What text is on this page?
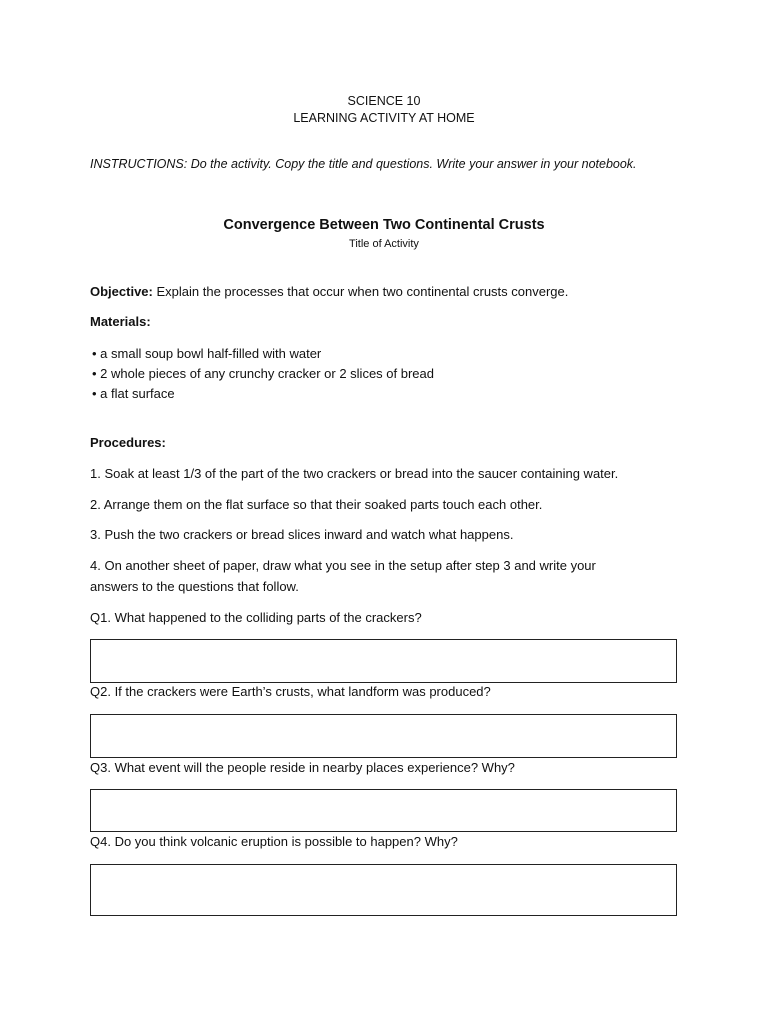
SCIENCE 10
LEARNING ACTIVITY AT HOME
INSTRUCTIONS: Do the activity. Copy the title and questions. Write your answer in your notebook.
Convergence Between Two Continental Crusts
Title of Activity
Objective: Explain the processes that occur when two continental crusts converge.
Materials:
• a small soup bowl half-filled with water
• 2 whole pieces of any crunchy cracker or 2 slices of bread
• a flat surface
Procedures:
1. Soak at least 1/3 of the part of the two crackers or bread into the saucer containing water.
2. Arrange them on the flat surface so that their soaked parts touch each other.
3. Push the two crackers or bread slices inward and watch what happens.
4. On another sheet of paper, draw what you see in the setup after step 3 and write your
answers to the questions that follow.
Q1. What happened to the colliding parts of the crackers?
Q2. If the crackers were Earth’s crusts, what landform was produced?
Q3. What event will the people reside in nearby places experience? Why?
Q4. Do you think volcanic eruption is possible to happen? Why?
